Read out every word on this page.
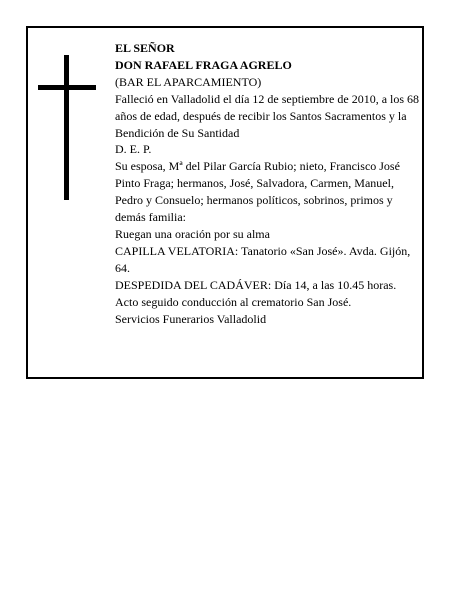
EL SEÑOR

DON RAFAEL FRAGA AGRELO

(BAR EL APARCAMIENTO)

Falleció en Valladolid el día 12 de septiembre de 2010, a los 68 años de edad, después de recibir los Santos Sacramentos y la Bendición de Su Santidad

D. E. P.

Su esposa, Mª del Pilar García Rubio; nieto, Francisco José Pinto Fraga; hermanos, José, Salvadora, Carmen, Manuel, Pedro y Consuelo; hermanos políticos, sobrinos, primos y demás familia:

Ruegan una oración por su alma

CAPILLA VELATORIA: Tanatorio «San José». Avda. Gijón, 64.

DESPEDIDA DEL CADÁVER: Día 14, a las 10.45 horas. Acto seguido conducción al crematorio San José.

Servicios Funerarios Valladolid
